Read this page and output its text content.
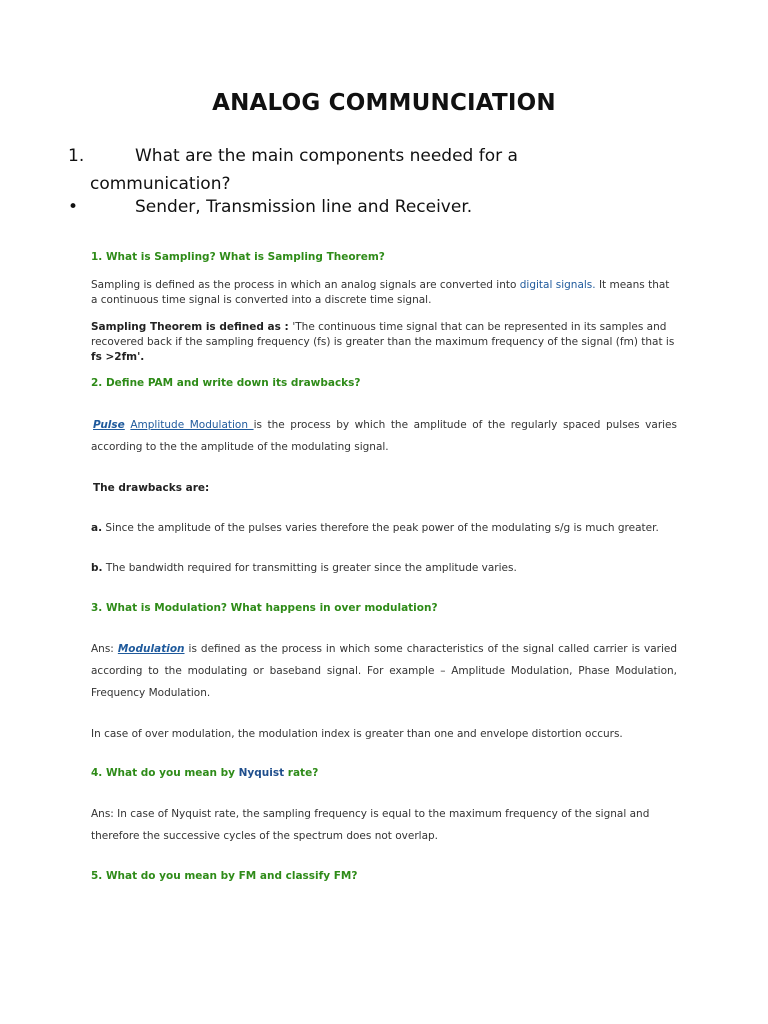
ANALOG COMMUNCIATION
1.	What are the main components needed for a
communication?
•	Sender, Transmission line and Receiver.
1. What is Sampling? What is Sampling Theorem?
Sampling is defined as the process in which an analog signals are converted into digital signals. It means that a continuous time signal is converted into a discrete time signal.
Sampling Theorem is defined as : 'The continuous time signal that can be represented in its samples and recovered back if the sampling frequency (fs) is greater than the maximum frequency of the signal (fm) that is fs >2fm'.
2. Define PAM and write down its drawbacks?
Pulse Amplitude Modulation is the process by which the amplitude of the regularly spaced pulses varies according to the the amplitude of the modulating signal.
The drawbacks are:
a. Since the amplitude of the pulses varies therefore the peak power of the modulating s/g is much greater.
b. The bandwidth required for transmitting is greater since the amplitude varies.
3. What is Modulation? What happens in over modulation?
Ans: Modulation is defined as the process in which some characteristics of the signal called carrier is varied according to the modulating or baseband signal. For example – Amplitude Modulation, Phase Modulation, Frequency Modulation.
In case of over modulation, the modulation index is greater than one and envelope distortion occurs.
4. What do you mean by Nyquist rate?
Ans: In case of Nyquist rate, the sampling frequency is equal to the maximum frequency of the signal and therefore the successive cycles of the spectrum does not overlap.
5. What do you mean by FM and classify FM?
